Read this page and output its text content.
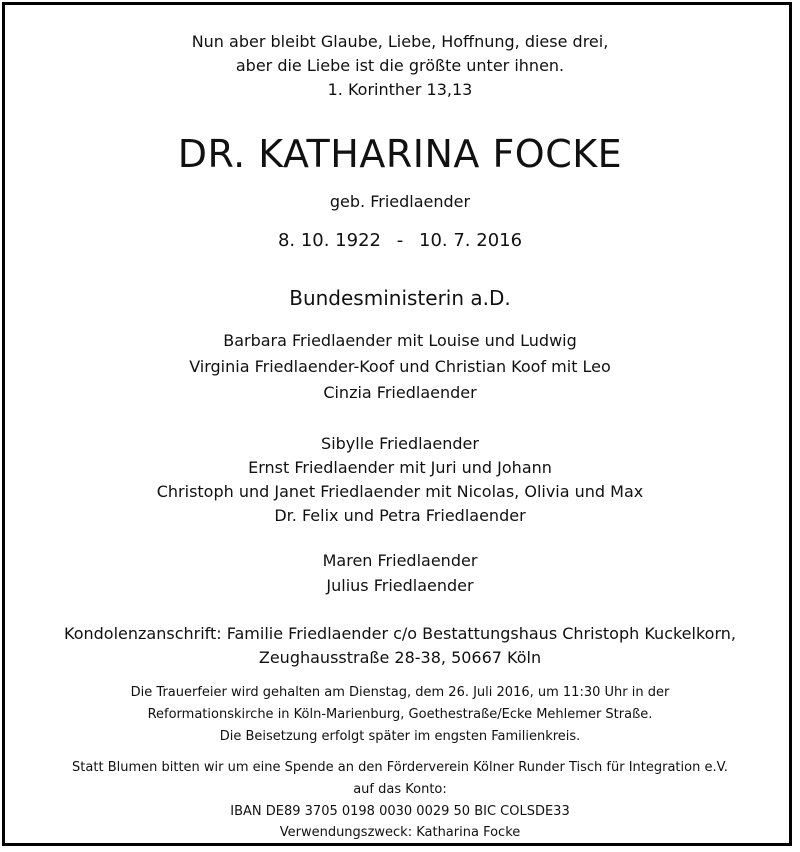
Nun aber bleibt Glaube, Liebe, Hoffnung, diese drei,
aber die Liebe ist die größte unter ihnen.
1. Korinther 13,13
DR. KATHARINA FOCKE
geb. Friedlaender
8. 10. 1922 - 10. 7. 2016
Bundesministerin a.D.
Barbara Friedlaender mit Louise und Ludwig
Virginia Friedlaender-Koof und Christian Koof mit Leo
Cinzia Friedlaender
Sibylle Friedlaender
Ernst Friedlaender mit Juri und Johann
Christoph und Janet Friedlaender mit Nicolas, Olivia und Max
Dr. Felix und Petra Friedlaender
Maren Friedlaender
Julius Friedlaender
Kondolenzanschrift: Familie Friedlaender c/o Bestattungshaus Christoph Kuckelkorn,
Zeughausstraße 28-38, 50667 Köln
Die Trauerfeier wird gehalten am Dienstag, dem 26. Juli 2016, um 11:30 Uhr in der
Reformationskirche in Köln-Marienburg, Goethestraße/Ecke Mehlemer Straße.
Die Beisetzung erfolgt später im engsten Familienkreis.
Statt Blumen bitten wir um eine Spende an den Förderverein Kölner Runder Tisch für Integration e.V.
auf das Konto:
IBAN DE89 3705 0198 0030 0029 50 BIC COLSDE33
Verwendungszweck: Katharina Focke
